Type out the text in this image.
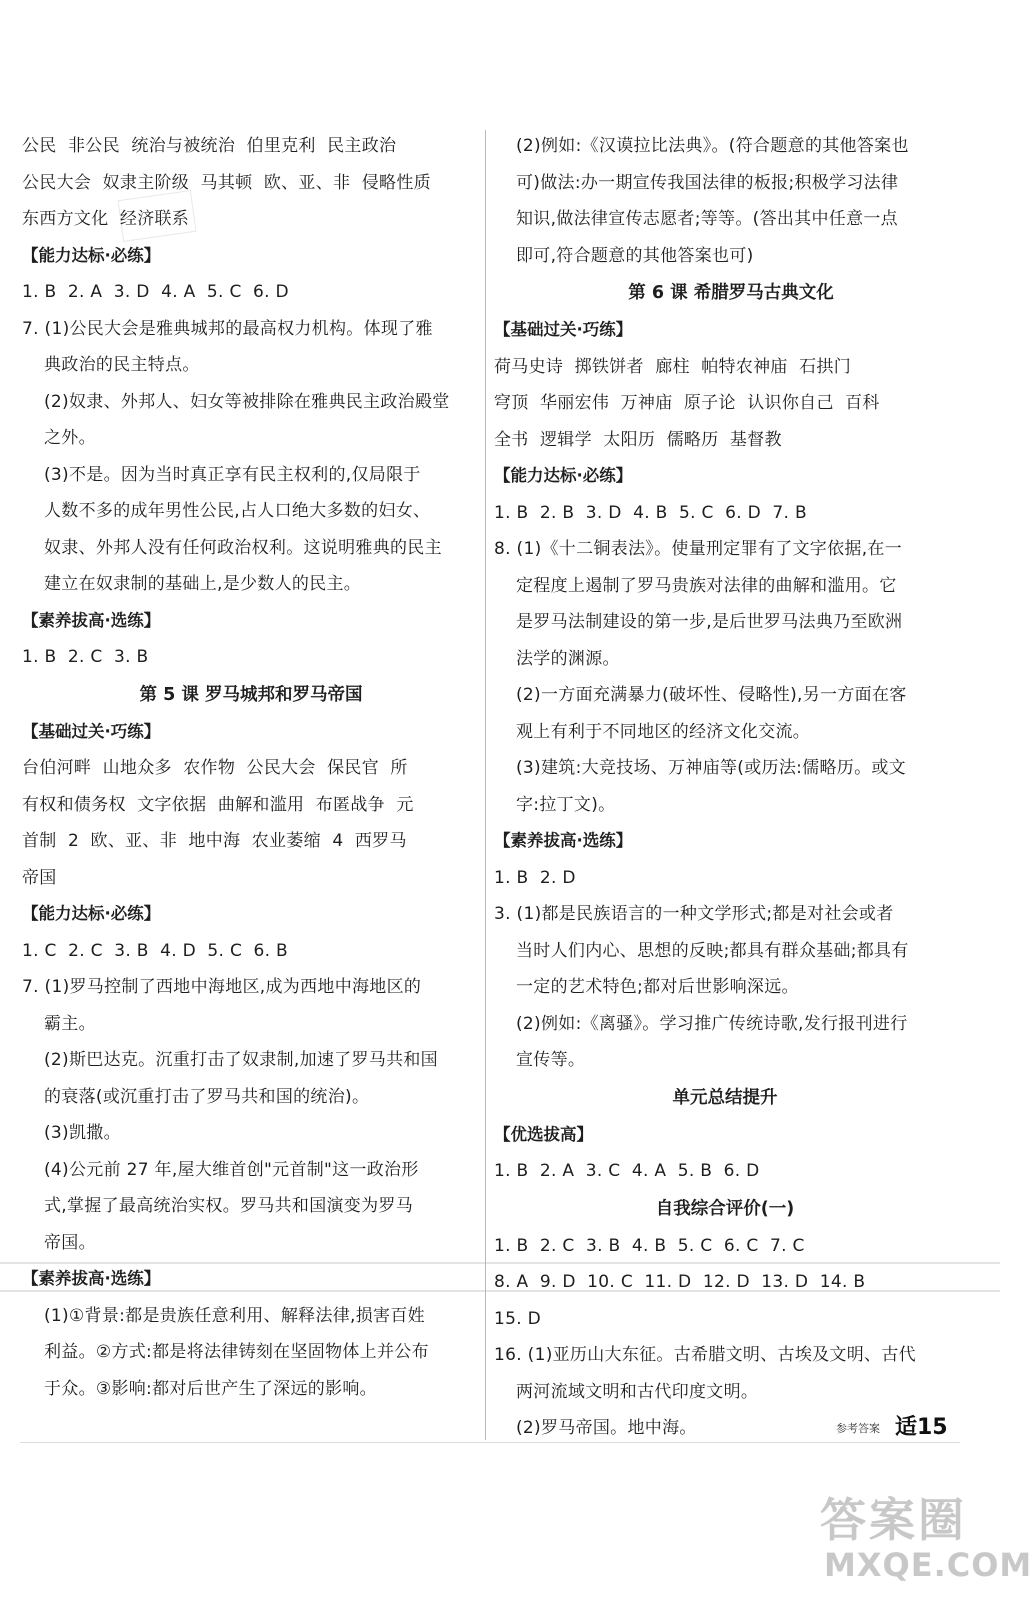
公民  非公民  统治与被统治  伯里克利  民主政治
公民大会  奴隶主阶级  马其顿  欧、亚、非  侵略性质
东西方文化  经济联系

【能力达标·必练】

1. B  2. A  3. D  4. A  5. C  6. D

7. (1)公民大会是雅典城邦的最高权力机构。体现了雅

典政治的民主特点。
(2)奴隶、外邦人、妇女等被排除在雅典民主政治殿堂
之外。
(3)不是。因为当时真正享有民主权利的,仅局限于
人数不多的成年男性公民,占人口绝大多数的妇女、
奴隶、外邦人没有任何政治权利。这说明雅典的民主
建立在奴隶制的基础上,是少数人的民主。

【素养拔高·选练】

1. B  2. C  3. B

第 5 课 罗马城邦和罗马帝国

【基础过关·巧练】

台伯河畔  山地众多  农作物  公民大会  保民官  所
有权和债务权  文字依据  曲解和滥用  布匿战争  元
首制  2  欧、亚、非  地中海  农业萎缩  4  西罗马
帝国

【能力达标·必练】

1. C  2. C  3. B  4. D  5. C  6. B

7. (1)罗马控制了西地中海地区,成为西地中海地区的

霸主。
(2)斯巴达克。沉重打击了奴隶制,加速了罗马共和国
的衰落(或沉重打击了罗马共和国的统治)。
(3)凯撒。
(4)公元前 27 年,屋大维首创"元首制"这一政治形
式,掌握了最高统治实权。罗马共和国演变为罗马
帝国。

【素养拔高·选练】

(1)①背景:都是贵族任意利用、解释法律,损害百姓
利益。②方式:都是将法律铸刻在坚固物体上并公布
于众。③影响:都对后世产生了深远的影响。

(2)例如:《汉谟拉比法典》。(符合题意的其他答案也
可)做法:办一期宣传我国法律的板报;积极学习法律
知识,做法律宣传志愿者;等等。(答出其中任意一点
即可,符合题意的其他答案也可)

第 6 课 希腊罗马古典文化

【基础过关·巧练】

荷马史诗  掷铁饼者  廊柱  帕特农神庙  石拱门
穹顶  华丽宏伟  万神庙  原子论  认识你自己  百科
全书  逻辑学  太阳历  儒略历  基督教

【能力达标·必练】

1. B  2. B  3. D  4. B  5. C  6. D  7. B

8. (1)《十二铜表法》。使量刑定罪有了文字依据,在一

定程度上遏制了罗马贵族对法律的曲解和滥用。它
是罗马法制建设的第一步,是后世罗马法典乃至欧洲
法学的渊源。
(2)一方面充满暴力(破坏性、侵略性),另一方面在客
观上有利于不同地区的经济文化交流。
(3)建筑:大竞技场、万神庙等(或历法:儒略历。或文
字:拉丁文)。

【素养拔高·选练】

1. B  2. D

3. (1)都是民族语言的一种文学形式;都是对社会或者

当时人们内心、思想的反映;都具有群众基础;都具有
一定的艺术特色;都对后世影响深远。
(2)例如:《离骚》。学习推广传统诗歌,发行报刊进行
宣传等。

单元总结提升

【优选拔高】

1. B  2. A  3. C  4. A  5. B  6. D

自我综合评价(一)

1. B  2. C  3. B  4. B  5. C  6. C  7. C
8. A  9. D  10. C  11. D  12. D  13. D  14. B
15. D

16. (1)亚历山大东征。古希腊文明、古埃及文明、古代

两河流域文明和古代印度文明。
(2)罗马帝国。地中海。	参考答案 适15
答案圈
MXQE.COM
